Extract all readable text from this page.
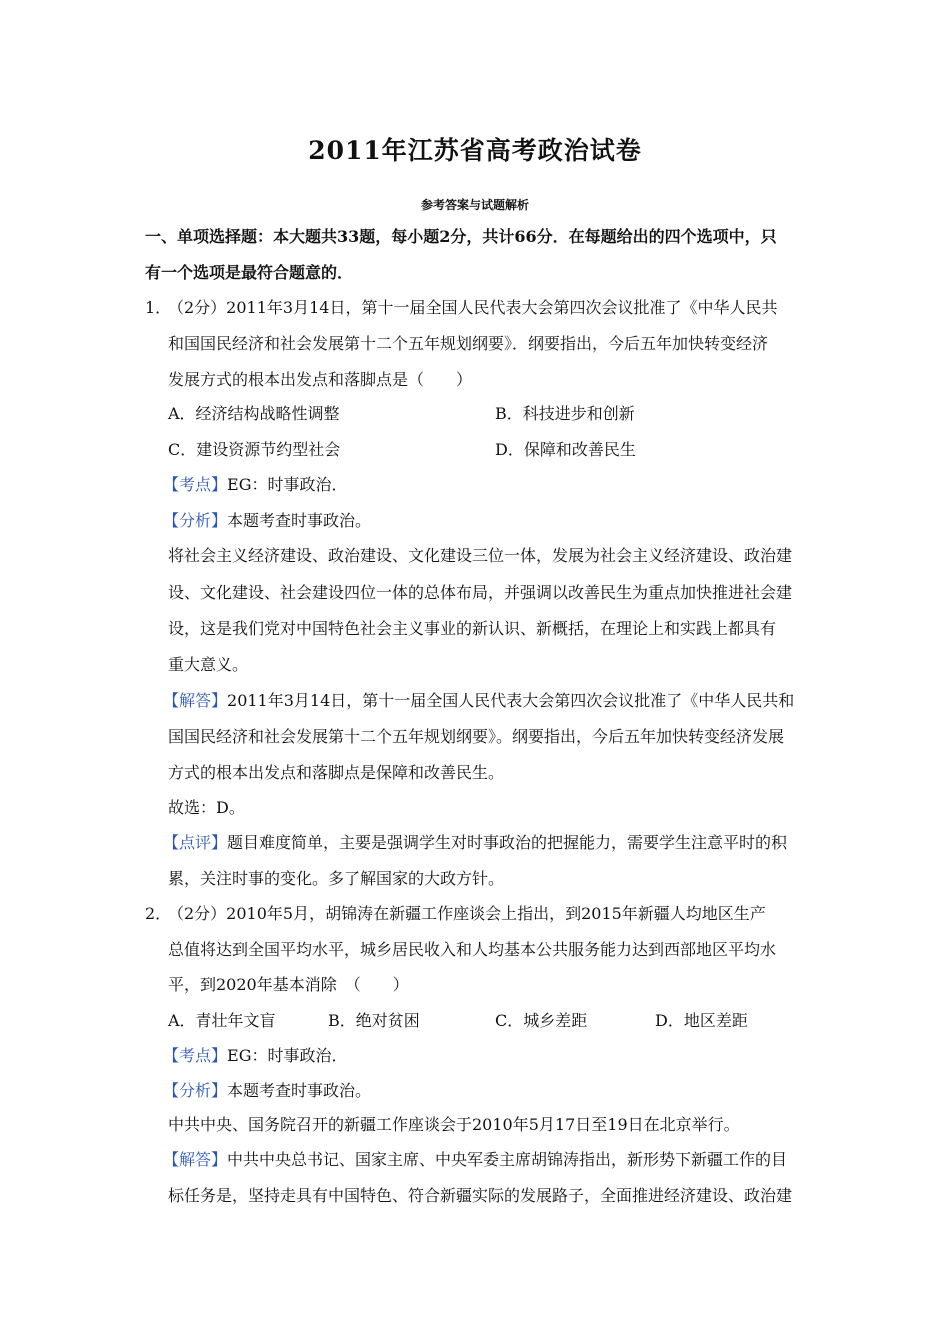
2011年江苏省高考政治试卷
参考答案与试题解析
一、单项选择题：本大题共33题，每小题2分，共计66分．在每题给出的四个选项中，只
有一个选项是最符合题意的．
1．
（2分）2011年3月14日，第十一届全国人民代表大会第四次会议批准了《中华人民共
和国国民经济和社会发展第十二个五年规划纲要》．纲要指出，今后五年加快转变经济
发展方式的根本出发点和落脚点是（　　）
A．经济结构战略性调整	B．科技进步和创新
C．建设资源节约型社会	D．保障和改善民生
【考点】EG：时事政治．
【分析】本题考查时事政治。
将社会主义经济建设、政治建设、文化建设三位一体，发展为社会主义经济建设、政治建
设、文化建设、社会建设四位一体的总体布局，并强调以改善民生为重点加快推进社会建
设，这是我们党对中国特色社会主义事业的新认识、新概括，在理论上和实践上都具有
重大意义。
【解答】2011年3月14日，第十一届全国人民代表大会第四次会议批准了《中华人民共和
国国民经济和社会发展第十二个五年规划纲要》。纲要指出，今后五年加快转变经济发展
方式的根本出发点和落脚点是保障和改善民生。
故选：D。
【点评】题目难度简单，主要是强调学生对时事政治的把握能力，需要学生注意平时的积
累，关注时事的变化。多了解国家的大政方针。
2．
（2分）2010年5月，胡锦涛在新疆工作座谈会上指出，到2015年新疆人均地区生产
总值将达到全国平均水平，城乡居民收入和人均基本公共服务能力达到西部地区平均水
平，到2020年基本消除　（　　）
A．青壮年文盲	B．绝对贫困	C．城乡差距	D．地区差距
【考点】EG：时事政治．
【分析】本题考查时事政治。
中共中央、国务院召开的新疆工作座谈会于2010年5月17日至19日在北京举行。
【解答】中共中央总书记、国家主席、中央军委主席胡锦涛指出，新形势下新疆工作的目
标任务是，坚持走具有中国特色、符合新疆实际的发展路子，全面推进经济建设、政治建
